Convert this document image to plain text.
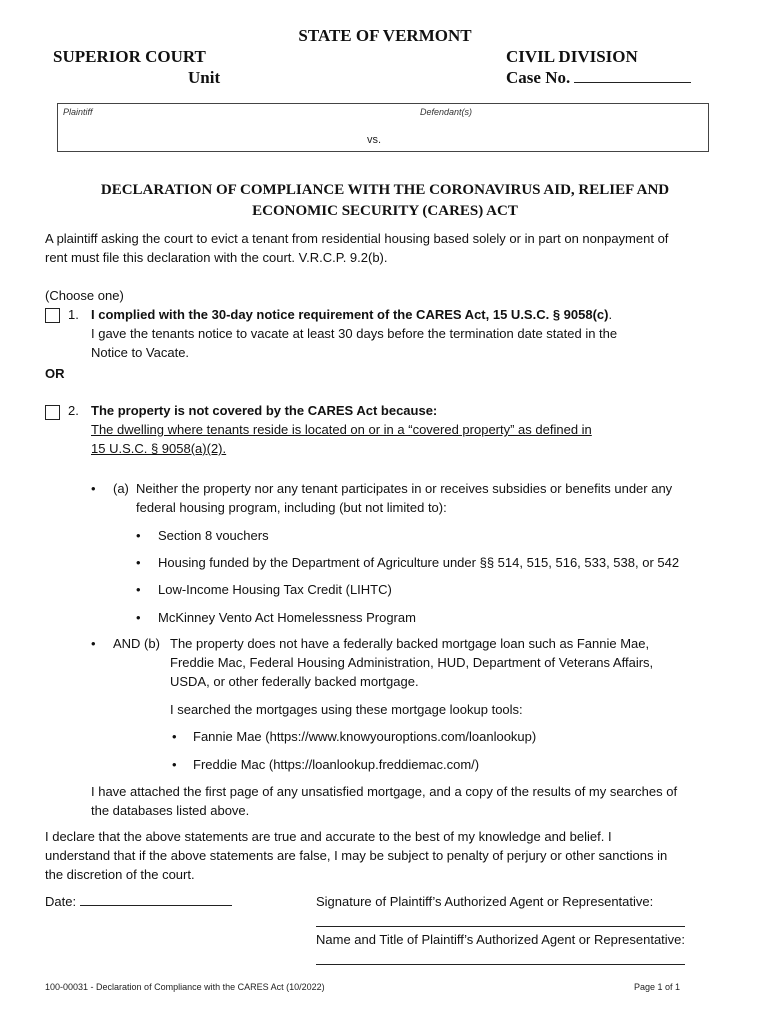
STATE OF VERMONT
SUPERIOR COURT
Unit
CIVIL DIVISION
Case No.
Plaintiff	Defendant(s)
vs.
DECLARATION OF COMPLIANCE WITH THE CORONAVIRUS AID, RELIEF AND
ECONOMIC SECURITY (CARES) ACT
A plaintiff asking the court to evict a tenant from residential housing based solely or in part on nonpayment of
rent must file this declaration with the court. V.R.C.P. 9.2(b).
(Choose one)
1. I complied with the 30-day notice requirement of the CARES Act, 15 U.S.C. § 9058(c).
I gave the tenants notice to vacate at least 30 days before the termination date stated in the
Notice to Vacate.
OR
2. The property is not covered by the CARES Act because:
The dwelling where tenants reside is located on or in a “covered property” as defined in
15 U.S.C. § 9058(a)(2).
• (a) Neither the property nor any tenant participates in or receives subsidies or benefits under any
federal housing program, including (but not limited to):
• Section 8 vouchers
• Housing funded by the Department of Agriculture under §§ 514, 515, 516, 533, 538, or 542
• Low-Income Housing Tax Credit (LIHTC)
• McKinney Vento Act Homelessness Program
• AND (b) The property does not have a federally backed mortgage loan such as Fannie Mae,
Freddie Mac, Federal Housing Administration, HUD, Department of Veterans Affairs,
USDA, or other federally backed mortgage.
I searched the mortgages using these mortgage lookup tools:
• Fannie Mae (https://www.knowyouroptions.com/loanlookup)
• Freddie Mac (https://loanlookup.freddiemac.com/)
I have attached the first page of any unsatisfied mortgage, and a copy of the results of my searches of
the databases listed above.
I declare that the above statements are true and accurate to the best of my knowledge and belief. I
understand that if the above statements are false, I may be subject to penalty of perjury or other sanctions in
the discretion of the court.
Date:	Signature of Plaintiff’s Authorized Agent or Representative:
Name and Title of Plaintiff’s Authorized Agent or Representative:
100-00031 - Declaration of Compliance with the CARES Act (10/2022)	Page 1 of 1
